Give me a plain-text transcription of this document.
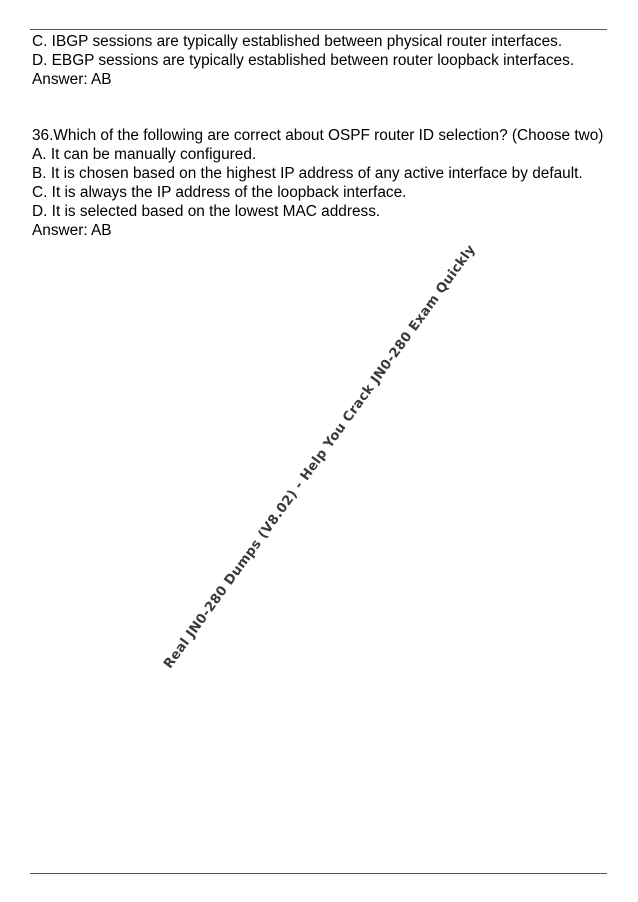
C. IBGP sessions are typically established between physical router interfaces.
D. EBGP sessions are typically established between router loopback interfaces.
Answer: AB
36.Which of the following are correct about OSPF router ID selection? (Choose two)
A. It can be manually configured.
B. It is chosen based on the highest IP address of any active interface by default.
C. It is always the IP address of the loopback interface.
D. It is selected based on the lowest MAC address.
Answer: AB
Real JN0-280 Dumps (V8.02) - Help You Crack JN0-280 Exam Quickly
